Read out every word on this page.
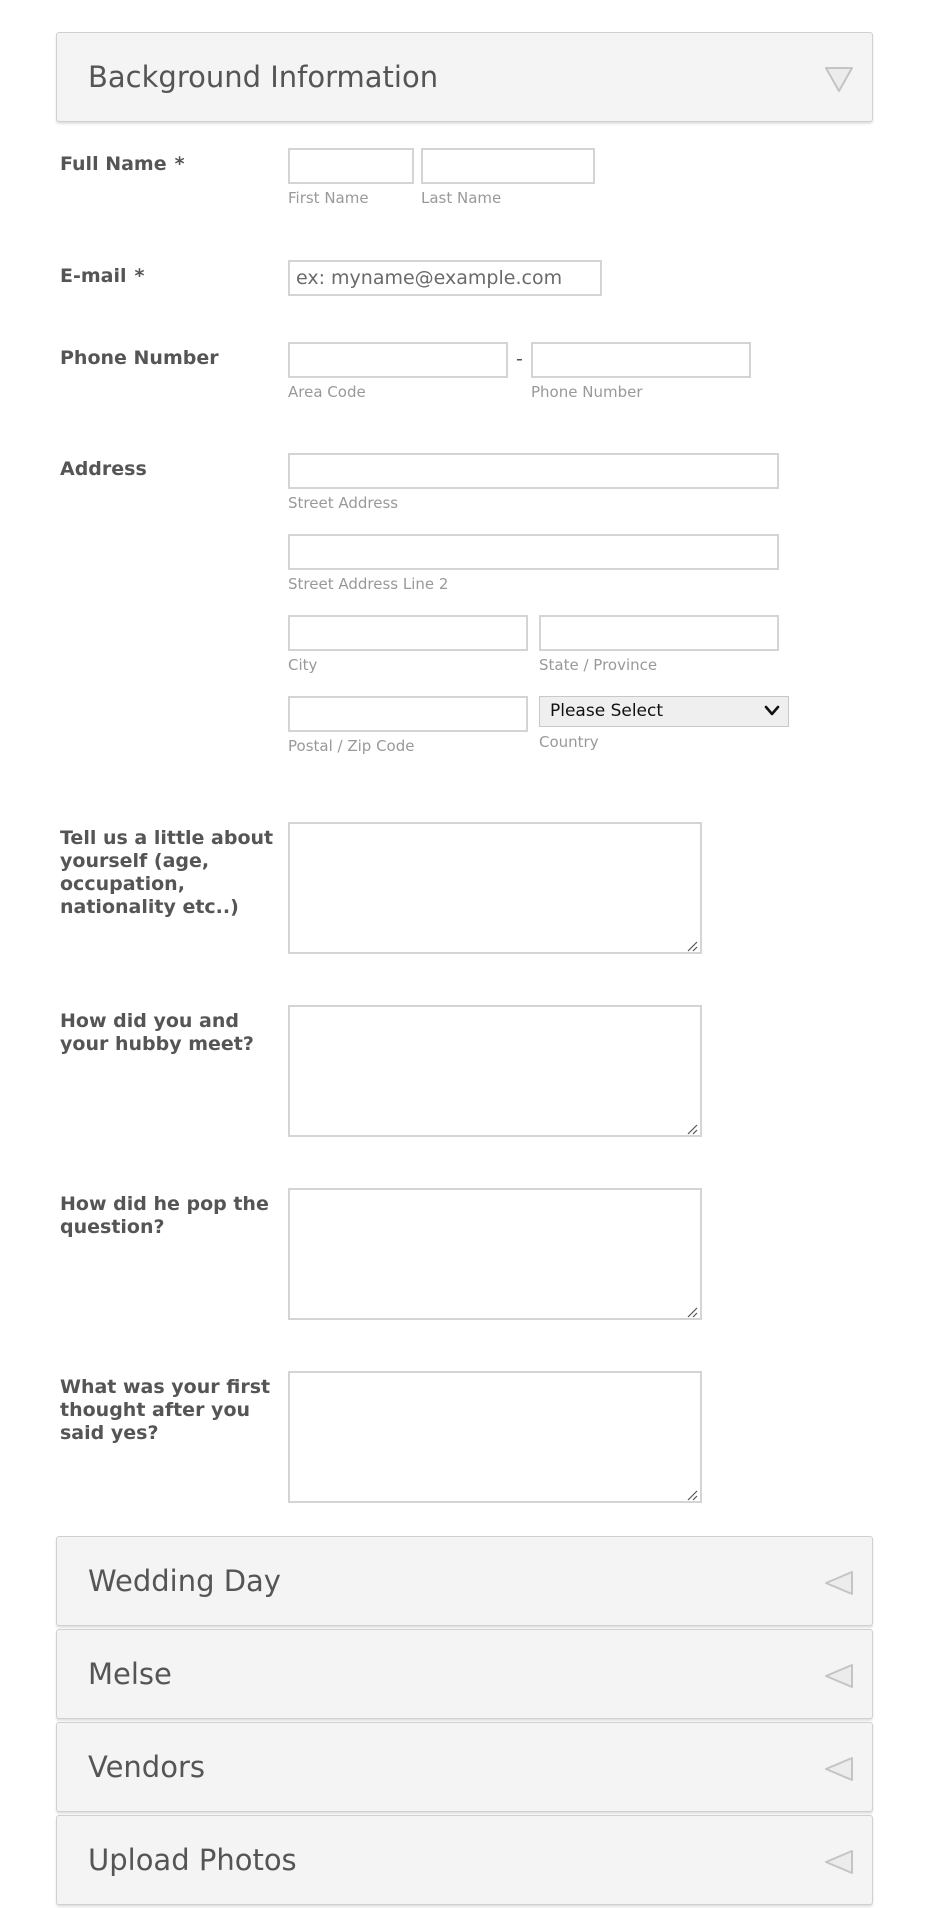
Background Information
Full Name *
First Name	Last Name
E-mail *
ex: myname@example.com
Phone Number
Area Code
-
Phone Number
Address
Street Address
Street Address Line 2
City	State / Province
Postal / Zip Code
Please Select
Country
Tell us a little about yourself (age, occupation, nationality etc..)
How did you and your hubby meet?
How did he pop the question?
What was your first thought after you said yes?
Wedding Day
Melse
Vendors
Upload Photos
